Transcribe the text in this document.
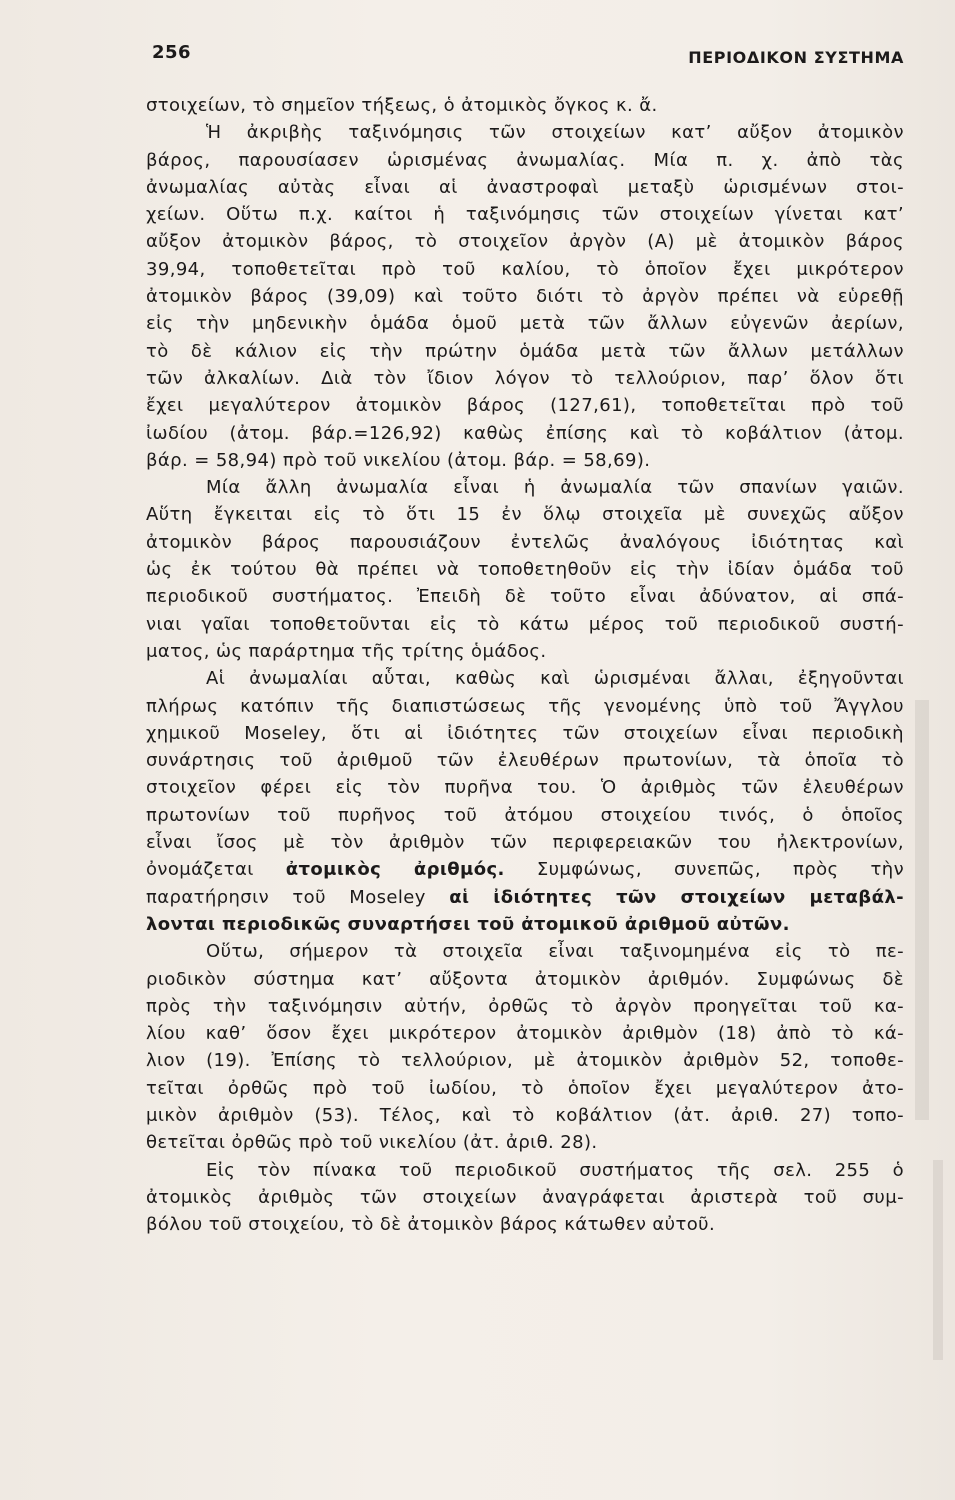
256	ΠΕΡΙΟΔΙΚΟΝ ΣΥΣΤΗΜΑ
στοιχείων, τὸ σημεῖον τήξεως, ὁ ἀτομικὸς ὄγκος κ. ἄ.
Ἡ ἀκριβὴς ταξινόμησις τῶν στοιχείων κατ’ αὔξον ἀτομικὸν
βάρος, παρουσίασεν ὡρισμένας ἀνωμαλίας. Μία π. χ. ἀπὸ τὰς
ἀνωμαλίας αὐτὰς εἶναι αἱ ἀναστροφαὶ μεταξὺ ὡρισμένων στοι-
χείων. Οὕτω π.χ. καίτοι ἡ ταξινόμησις τῶν στοιχείων γίνεται κατ’
αὔξον ἀτομικὸν βάρος, τὸ στοιχεῖον ἀργὸν (Α) μὲ ἀτομικὸν βάρος
39,94, τοποθετεῖται πρὸ τοῦ καλίου, τὸ ὁποῖον ἔχει μικρότερον
ἀτομικὸν βάρος (39,09) καὶ τοῦτο διότι τὸ ἀργὸν πρέπει νὰ εὑρεθῇ
εἰς τὴν μηδενικὴν ὁμάδα ὁμοῦ μετὰ τῶν ἄλλων εὐγενῶν ἀερίων,
τὸ δὲ κάλιον εἰς τὴν πρώτην ὁμάδα μετὰ τῶν ἄλλων μετάλλων
τῶν ἀλκαλίων. Διὰ τὸν ἴδιον λόγον τὸ τελλούριον, παρ’ ὅλον ὅτι
ἔχει μεγαλύτερον ἀτομικὸν βάρος (127,61), τοποθετεῖται πρὸ τοῦ
ἰωδίου (ἀτομ. βάρ.=126,92) καθὼς ἐπίσης καὶ τὸ κοβάλτιον (ἀτομ.
βάρ. = 58,94) πρὸ τοῦ νικελίου (ἀτομ. βάρ. = 58,69).
Μία ἄλλη ἀνωμαλία εἶναι ἡ ἀνωμαλία τῶν σπανίων γαιῶν.
Αὕτη ἔγκειται εἰς τὸ ὅτι 15 ἐν ὅλῳ στοιχεῖα μὲ συνεχῶς αὔξον
ἀτομικὸν βάρος παρουσιάζουν ἐντελῶς ἀναλόγους ἰδιότητας καὶ
ὡς ἐκ τούτου θὰ πρέπει νὰ τοποθετηθοῦν εἰς τὴν ἰδίαν ὁμάδα τοῦ
περιοδικοῦ συστήματος. Ἐπειδὴ δὲ τοῦτο εἶναι ἀδύνατον, αἱ σπά-
νιαι γαῖαι τοποθετοῦνται εἰς τὸ κάτω μέρος τοῦ περιοδικοῦ συστή-
ματος, ὡς παράρτημα τῆς τρίτης ὁμάδος.
Αἱ ἀνωμαλίαι αὗται, καθὼς καὶ ὡρισμέναι ἄλλαι, ἐξηγοῦνται
πλήρως κατόπιν τῆς διαπιστώσεως τῆς γενομένης ὑπὸ τοῦ Ἄγγλου
χημικοῦ Moseley, ὅτι αἱ ἰδιότητες τῶν στοιχείων εἶναι περιοδικὴ
συνάρτησις τοῦ ἀριθμοῦ τῶν ἐλευθέρων πρωτονίων, τὰ ὁποῖα τὸ
στοιχεῖον φέρει εἰς τὸν πυρῆνα του. Ὁ ἀριθμὸς τῶν ἐλευθέρων
πρωτονίων τοῦ πυρῆνος τοῦ ἀτόμου στοιχείου τινός, ὁ ὁποῖος
εἶναι ἴσος μὲ τὸν ἀριθμὸν τῶν περιφερειακῶν του ἠλεκτρονίων,
ὀνομάζεται ἀτομικὸς ἀριθμός. Συμφώνως, συνεπῶς, πρὸς τὴν
παρατήρησιν τοῦ Moseley αἱ ἰδιότητες τῶν στοιχείων μεταβάλ-
λονται περιοδικῶς συναρτήσει τοῦ ἀτομικοῦ ἀριθμοῦ αὐτῶν.
Οὕτω, σήμερον τὰ στοιχεῖα εἶναι ταξινομημένα εἰς τὸ πε-
ριοδικὸν σύστημα κατ’ αὔξοντα ἀτομικὸν ἀριθμόν. Συμφώνως δὲ
πρὸς τὴν ταξινόμησιν αὐτήν, ὀρθῶς τὸ ἀργὸν προηγεῖται τοῦ κα-
λίου καθ’ ὅσον ἔχει μικρότερον ἀτομικὸν ἀριθμὸν (18) ἀπὸ τὸ κά-
λιον (19). Ἐπίσης τὸ τελλούριον, μὲ ἀτομικὸν ἀριθμὸν 52, τοποθε-
τεῖται ὀρθῶς πρὸ τοῦ ἰωδίου, τὸ ὁποῖον ἔχει μεγαλύτερον ἀτο-
μικὸν ἀριθμὸν (53). Τέλος, καὶ τὸ κοβάλτιον (ἀτ. ἀριθ. 27) τοπο-
θετεῖται ὀρθῶς πρὸ τοῦ νικελίου (ἀτ. ἀριθ. 28).
Εἰς τὸν πίνακα τοῦ περιοδικοῦ συστήματος τῆς σελ. 255 ὁ
ἀτομικὸς ἀριθμὸς τῶν στοιχείων ἀναγράφεται ἀριστερὰ τοῦ συμ-
βόλου τοῦ στοιχείου, τὸ δὲ ἀτομικὸν βάρος κάτωθεν αὐτοῦ.
